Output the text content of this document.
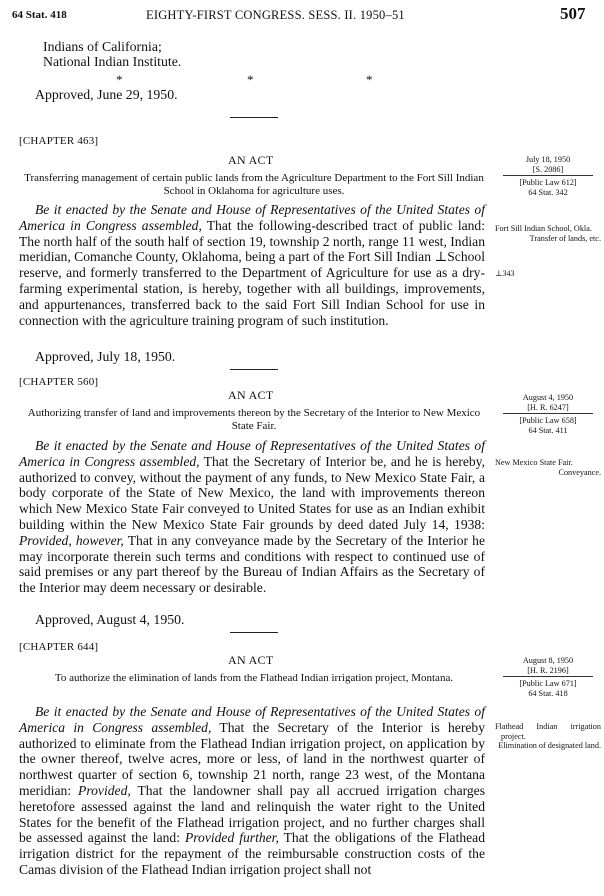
64 Stat. 418	EIGHTY-FIRST CONGRESS. SESS. II. 1950–51	507
Indians of California;
National Indian Institute.
*	*	*
Approved, June 29, 1950.
[CHAPTER 463]
AN ACT
Transferring management of certain public lands from the Agriculture Department to the Fort Sill Indian School in Oklahoma for agriculture uses.
Be it enacted by the Senate and House of Representatives of the United States of America in Congress assembled, That the following-described tract of public land: The north half of the south half of section 19, township 2 north, range 11 west, Indian meridian, Comanche County, Oklahoma, being a part of the Fort Sill Indian ⊥School reserve, and formerly transferred to the Department of Agriculture for use as a dry-farming experimental station, is hereby, together with all buildings, improvements, and appurtenances, transferred back to the said Fort Sill Indian School for use in connection with the agriculture training program of such institution.
Approved, July 18, 1950.
July 18, 1950
[S. 2086]
[Public Law 612]
64 Stat. 342

Fort Sill Indian School, Okla.

Transfer of lands, etc.

⊥343
[CHAPTER 560]
AN ACT
Authorizing transfer of land and improvements thereon by the Secretary of the Interior to New Mexico State Fair.
Be it enacted by the Senate and House of Representatives of the United States of America in Congress assembled, That the Secretary of Interior be, and he is hereby, authorized to convey, without the payment of any funds, to New Mexico State Fair, a body corporate of the State of New Mexico, the land with improvements thereon which New Mexico State Fair conveyed to United States for use as an Indian exhibit building within the New Mexico State Fair grounds by deed dated July 14, 1938: Provided, however, That in any conveyance made by the Secretary of the Interior he may incorporate therein such terms and conditions with respect to continued use of said premises or any part thereof by the Bureau of Indian Affairs as the Secretary of the Interior may deem necessary or desirable.
Approved, August 4, 1950.
August 4, 1950
[H. R. 6247]
[Public Law 658]
64 Stat. 411

New Mexico State Fair.

Conveyance.

[CHAPTER 644]
AN ACT
To authorize the elimination of lands from the Flathead Indian irrigation project, Montana.
Be it enacted by the Senate and House of Representatives of the United States of America in Congress assembled, That the Secretary of the Interior is hereby authorized to eliminate from the Flathead Indian irrigation project, on application by the owner thereof, twelve acres, more or less, of land in the northwest quarter of northwest quarter of section 6, township 21 north, range 23 west, of the Montana meridian: Provided, That the landowner shall pay all accrued irrigation charges heretofore assessed against the land and relinquish the water right to the United States for the benefit of the Flathead irrigation project, and no further charges shall be assessed against the land: Provided further, That the obligations of the Flathead irrigation district for the repayment of the reimbursable construction costs of the Camas division of the Flathead Indian irrigation project shall not
August 8, 1950
[H. R. 2196]
[Public Law 671]
64 Stat. 418

Flathead Indian irrigation project.

Elimination of designated land.
